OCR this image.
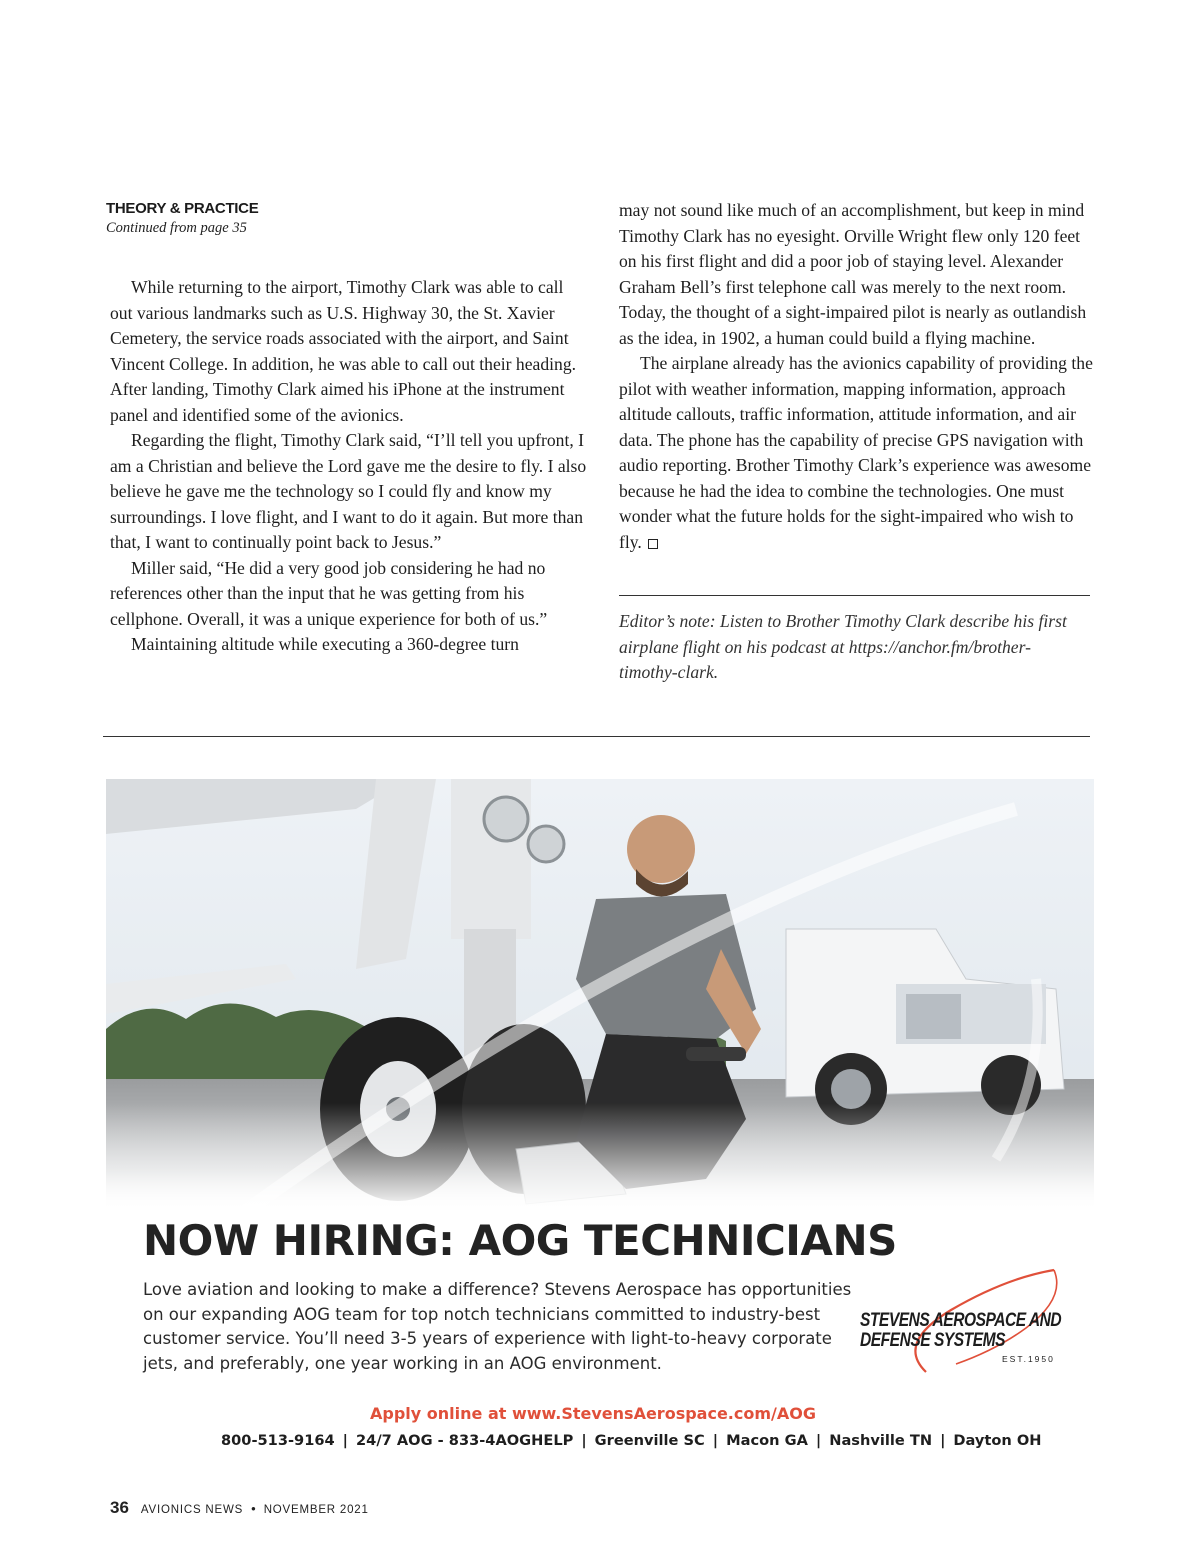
THEORY & PRACTICE
Continued from page 35

While returning to the airport, Timothy Clark was able to call out various landmarks such as U.S. Highway 30, the St. Xavier Cemetery, the service roads associated with the airport, and Saint Vincent College. In addition, he was able to call out their heading. After landing, Timothy Clark aimed his iPhone at the instrument panel and identified some of the avionics.

Regarding the flight, Timothy Clark said, “I’ll tell you upfront, I am a Christian and believe the Lord gave me the desire to fly. I also believe he gave me the technology so I could fly and know my surroundings. I love flight, and I want to do it again. But more than that, I want to continually point back to Jesus.”

Miller said, “He did a very good job considering he had no references other than the input that he was getting from his cellphone. Overall, it was a unique experience for both of us.”

Maintaining altitude while executing a 360-degree turn

may not sound like much of an accomplishment, but keep in mind Timothy Clark has no eyesight. Orville Wright flew only 120 feet on his first flight and did a poor job of staying level. Alexander Graham Bell’s first telephone call was merely to the next room. Today, the thought of a sight-impaired pilot is nearly as outlandish as the idea, in 1902, a human could build a flying machine.

The airplane already has the avionics capability of providing the pilot with weather information, mapping information, approach altitude callouts, traffic information, attitude information, and air data. The phone has the capability of precise GPS navigation with audio reporting. Brother Timothy Clark’s experience was awesome because he had the idea to combine the technologies. One must wonder what the future holds for the sight-impaired who wish to fly.

Editor’s note: Listen to Brother Timothy Clark describe his first airplane flight on his podcast at https://anchor.fm/brother-timothy-clark.
NOW HIRING: AOG TECHNICIANS
Love aviation and looking to make a difference? Stevens Aerospace has opportunities on our expanding AOG team for top notch technicians committed to industry-best customer service. You’ll need 3-5 years of experience with light-to-heavy corporate jets, and preferably, one year working in an AOG environment.
STEVENS AEROSPACE AND
DEFENSE SYSTEMS
EST.1950
Apply online at www.StevensAerospace.com/AOG
800-513-9164 | 24/7 AOG - 833-4AOGHELP | Greenville SC | Macon GA | Nashville TN | Dayton OH
36 AVIONICS NEWS • NOVEMBER 2021
